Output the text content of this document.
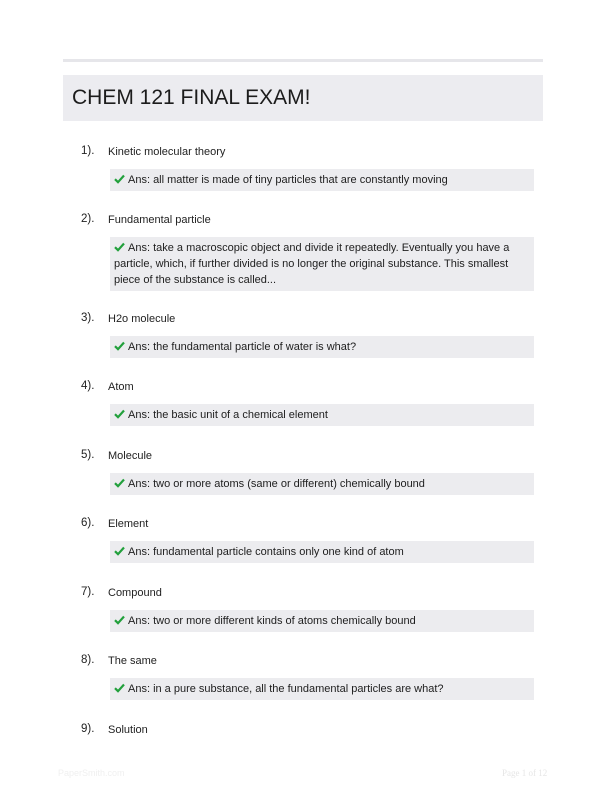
CHEM 121 FINAL EXAM!
1). Kinetic molecular theory
Ans: all matter is made of tiny particles that are constantly moving
2). Fundamental particle
Ans: take a macroscopic object and divide it repeatedly. Eventually you have a particle, which, if further divided is no longer the original substance. This smallest piece of the substance is called...
3). H2o molecule
Ans: the fundamental particle of water is what?
4). Atom
Ans: the basic unit of a chemical element
5). Molecule
Ans: two or more atoms (same or different) chemically bound
6). Element
Ans: fundamental particle contains only one kind of atom
7). Compound
Ans: two or more different kinds of atoms chemically bound
8). The same
Ans: in a pure substance, all the fundamental particles are what?
9). Solution
PaperSmith.com	Page 1 of 12
